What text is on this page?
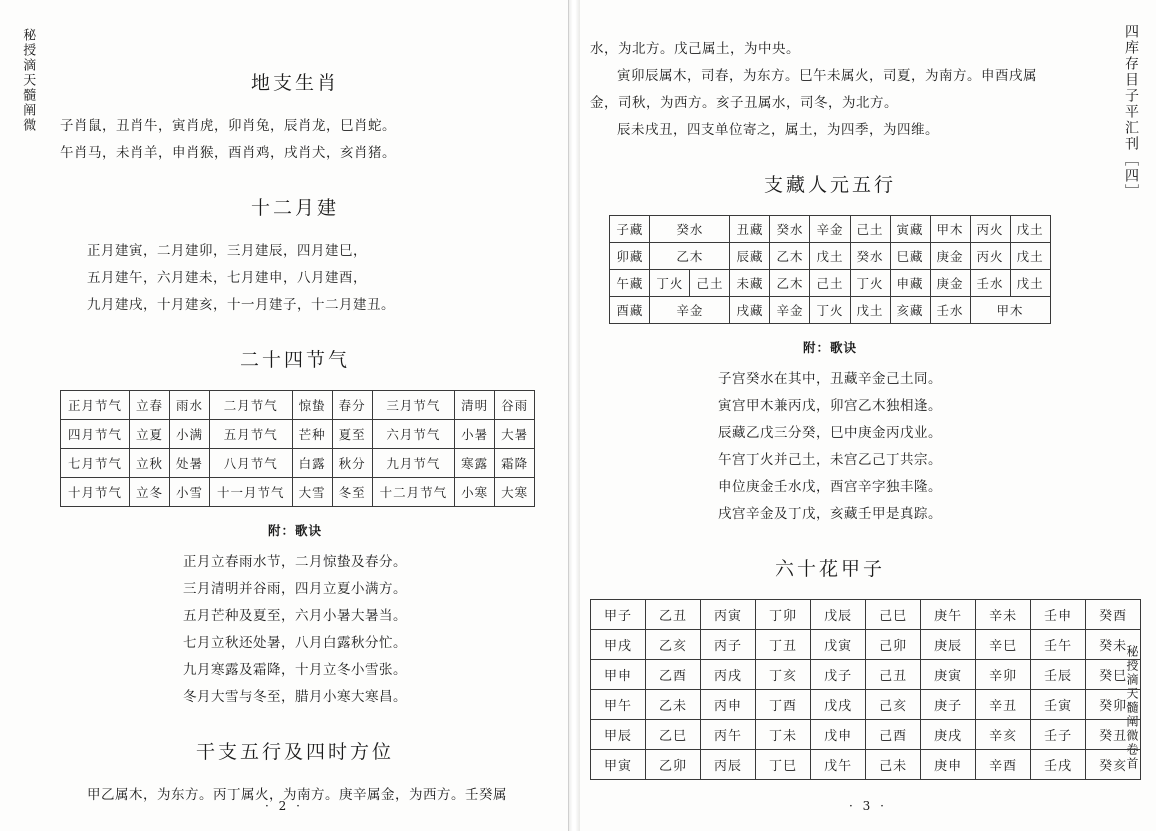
秘授滴天髓阐微	地支生肖

子肖鼠，丑肖牛，寅肖虎，卯肖兔，辰肖龙，巳肖蛇。

午肖马，未肖羊，申肖猴，酉肖鸡，戌肖犬，亥肖猪。

十二月建

正月建寅，二月建卯，三月建辰，四月建巳，

五月建午，六月建未，七月建申，八月建酉，

九月建戌，十月建亥，十一月建子，十二月建丑。

二十四节气
正月节气	立春	雨水	二月节气	惊蛰	春分	三月节气	清明	谷雨
四月节气	立夏	小满	五月节气	芒种	夏至	六月节气	小暑	大暑
七月节气	立秋	处暑	八月节气	白露	秋分	九月节气	寒露	霜降
十月节气	立冬	小雪	十一月节气	大雪	冬至	十二月节气	小寒	大寒
附：歌诀

正月立春雨水节，二月惊蛰及春分。

三月清明并谷雨，四月立夏小满方。

五月芒种及夏至，六月小暑大暑当。

七月立秋还处暑，八月白露秋分忙。

九月寒露及霜降，十月立冬小雪张。

冬月大雪与冬至，腊月小寒大寒昌。

干支五行及四时方位

甲乙属木，为东方。丙丁属火，为南方。庚辛属金，为西方。壬癸属

· 2 ·
四库存目子平汇刊［四］
秘授滴天髓阐微卷首

水，为北方。戊己属土，为中央。

寅卯辰属木，司春，为东方。巳午未属火，司夏，为南方。申酉戌属

金，司秋，为西方。亥子丑属水，司冬，为北方。

辰未戌丑，四支单位寄之，属土，为四季，为四维。

支藏人元五行
子藏	癸水		丑藏	癸水	辛金	己土	寅藏	甲木	丙火	戊土
卯藏	乙木		辰藏	乙木	戊土	癸水	巳藏	庚金	丙火	戊土
午藏	丁火	己土	未藏	乙木	己土	丁火	申藏	庚金	壬水	戊土
酉藏	辛金		戌藏	辛金	丁火	戊土	亥藏	壬水	甲木	
附：歌诀

子宫癸水在其中，丑藏辛金己土同。

寅宫甲木兼丙戊，卯宫乙木独相逢。

辰藏乙戊三分癸，巳中庚金丙戊业。

午宫丁火并己土，未宫乙己丁共宗。

申位庚金壬水戊，酉宫辛字独丰隆。

戌宫辛金及丁戊，亥藏壬甲是真踪。

六十花甲子
甲子	乙丑	丙寅	丁卯	戊辰	己巳	庚午	辛未	壬申	癸酉
甲戌	乙亥	丙子	丁丑	戊寅	己卯	庚辰	辛巳	壬午	癸未
甲申	乙酉	丙戌	丁亥	戊子	己丑	庚寅	辛卯	壬辰	癸巳
甲午	乙未	丙申	丁酉	戊戌	己亥	庚子	辛丑	壬寅	癸卯
甲辰	乙巳	丙午	丁未	戊申	己酉	庚戌	辛亥	壬子	癸丑
甲寅	乙卯	丙辰	丁巳	戊午	己未	庚申	辛酉	壬戌	癸亥
· 3 ·
